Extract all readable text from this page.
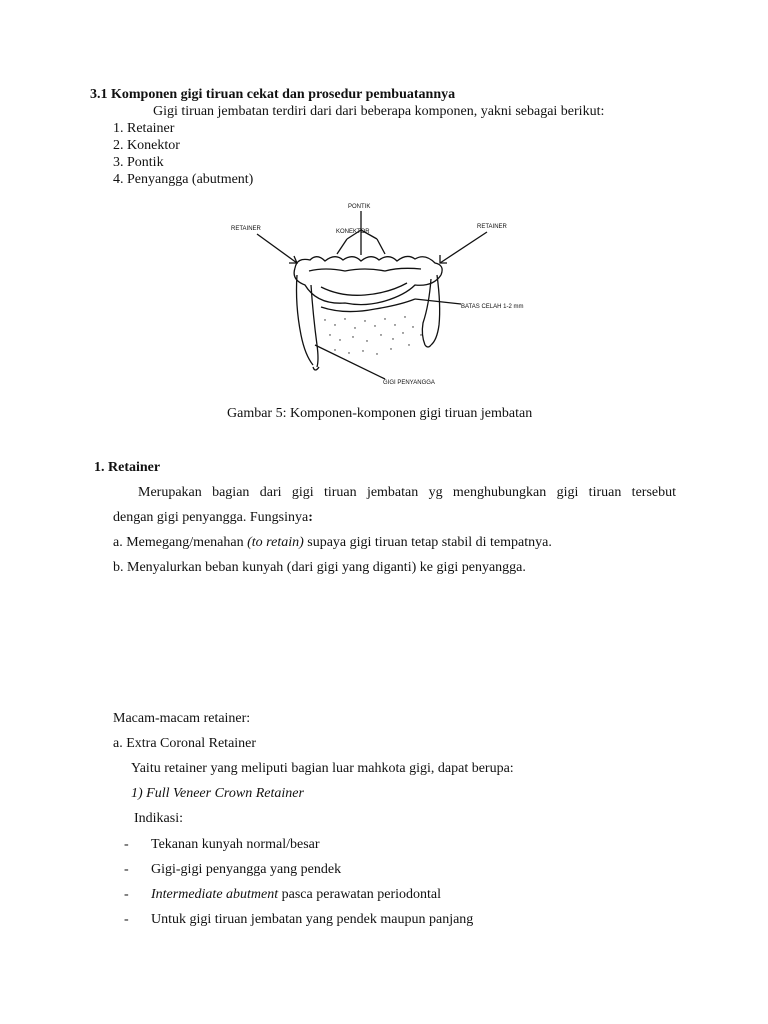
3.1 Komponen gigi tiruan cekat dan prosedur pembuatannya
Gigi tiruan jembatan terdiri dari dari beberapa komponen, yakni sebagai berikut:
1. Retainer
2. Konektor
3. Pontik
4. Penyangga (abutment)
PONTIK
RETAINER	RETAINER
KONEKTOR
BATAS CELAH 1-2 mm
GIGI PENYANGGA
Gambar 5: Komponen-komponen gigi tiruan jembatan
1. Retainer
Merupakan bagian dari gigi tiruan jembatan yg menghubungkan gigi tiruan tersebut
dengan gigi penyangga. Fungsinya:
a. Memegang/menahan (to retain) supaya gigi tiruan tetap stabil di tempatnya.
b. Menyalurkan beban kunyah (dari gigi yang diganti) ke gigi penyangga.
Macam-macam retainer:
a. Extra Coronal Retainer
Yaitu retainer yang meliputi bagian luar mahkota gigi, dapat berupa:
1) Full Veneer Crown Retainer
Indikasi:
- Tekanan kunyah normal/besar
- Gigi-gigi penyangga yang pendek
- Intermediate abutment pasca perawatan periodontal
- Untuk gigi tiruan jembatan yang pendek maupun panjang
